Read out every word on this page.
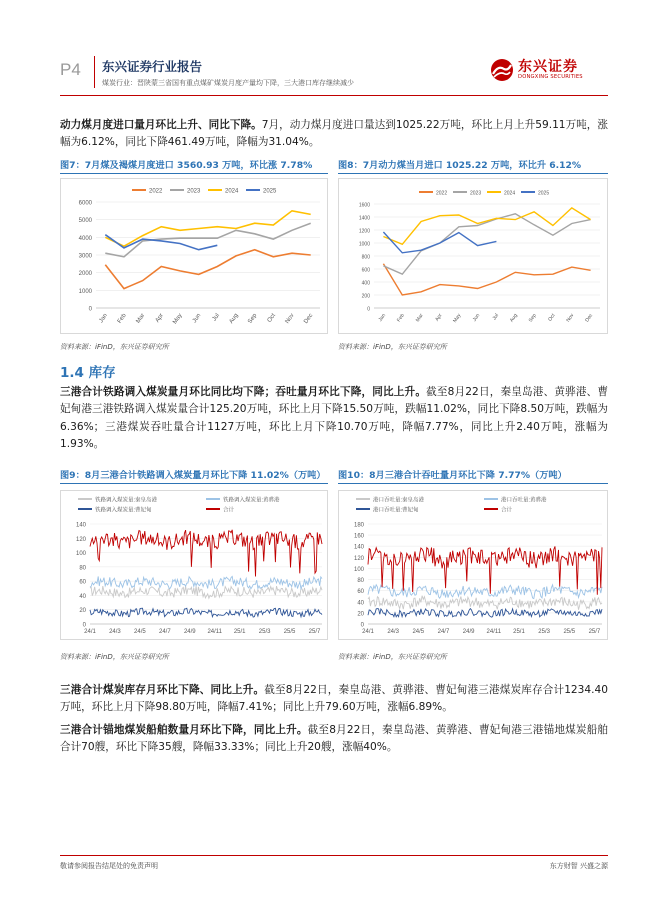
P4 东兴证券行业报告
煤炭行业：晋陕蒙三省国有重点煤矿煤炭月度产量均下降，三大港口库存继续减少
东兴证券
DONGXING SECURITIES

动力煤月度进口量月环比上升、同比下降。7月，动力煤月度进口量达到1025.22万吨，环比上月上升59.11万吨，涨幅为6.12%，同比下降461.49万吨，降幅为31.04%。

图7：7月煤及褐煤月度进口 3560.93 万吨，环比涨 7.78%	图8：7月动力煤当月进口 1025.22 万吨，环比升 6.12%
0
1000
2000
3000
4000
5000
6000
Jan Feb Mar Apr May Jun Jul Aug Sep Oct Nov Dec
2022	2023	2024	2025
0
200
400
600
800
1000
1200
1400
1600
Jan Feb Mar Apr May Jun Jul Aug Sep Oct Nov Dec
2022	2023	2024	2025
资料来源：iFinD，东兴证券研究所	资料来源：iFinD，东兴证券研究所
1.4 库存

三港合计铁路调入煤炭量月环比同比均下降；吞吐量月环比下降，同比上升。截至8月22日，秦皇岛港、黄骅港、曹妃甸港三港铁路调入煤炭量合计125.20万吨，环比上月下降15.50万吨，跌幅11.02%，同比下降8.50万吨，跌幅为6.36%；三港煤炭吞吐量合计1127万吨，环比上月下降10.70万吨，降幅7.77%，同比上升2.40万吨，涨幅为1.93%。

图9：8月三港合计铁路调入煤炭量月环比下降 11.02%（万吨） 图10：8月三港合计吞吐量月环比下降 7.77%（万吨）
0
20
40
60
80
100
120
140
24/1 24/3 24/5 24/7 24/9 24/11 25/1 25/3 25/5 25/7
铁路调入煤炭量:秦皇岛港	铁路调入煤炭量:黄骅港
铁路调入煤炭量:曹妃甸	合计
0
20
40
60
80
100
120
140
160
180
24/1 24/3 24/5 24/7 24/9 24/11 25/1 25/3 25/5 25/7
港口吞吐量:秦皇岛港	港口吞吐量:黄骅港
港口吞吐量:曹妃甸	合计
资料来源：iFinD，东兴证券研究所	资料来源：iFinD，东兴证券研究所

三港合计煤炭库存月环比下降、同比上升。截至8月22日，秦皇岛港、黄骅港、曹妃甸港三港煤炭库存合计1234.40万吨，环比上月下降98.80万吨，降幅7.41%；同比上升79.60万吨，涨幅6.89%。

三港合计锚地煤炭船舶数量月环比下降，同比上升。截至8月22日，秦皇岛港、黄骅港、曹妃甸港三港锚地煤炭船舶合计70艘，环比下降35艘，降幅33.33%；同比上升20艘，涨幅40%。

敬请参阅报告结尾处的免责声明	东方财智 兴盛之源
